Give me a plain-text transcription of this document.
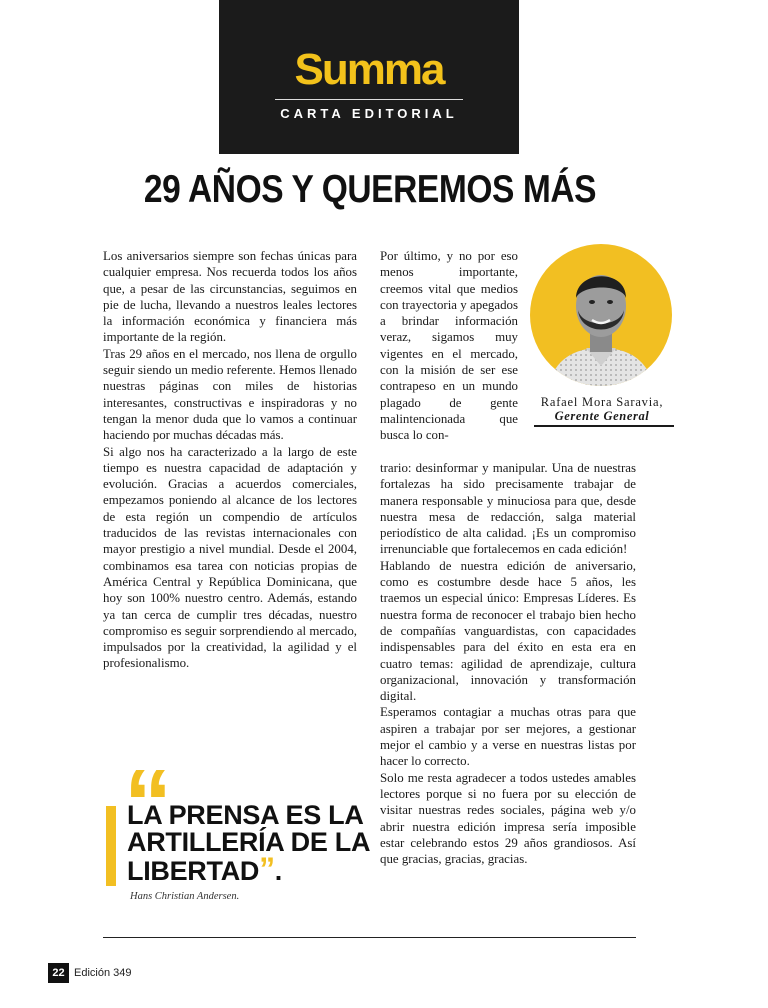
Summa
CARTA EDITORIAL
29 AÑOS Y QUEREMOS MÁS

Los aniversarios siempre son fechas únicas para cualquier empresa. Nos recuerda todos los años que, a pesar de las circunstancias, seguimos en pie de lucha, llevando a nuestros leales lectores la información económica y financiera más importante de la región.

Tras 29 años en el mercado, nos llena de orgullo seguir siendo un medio referente. Hemos llenado nuestras páginas con miles de historias interesantes, constructivas e inspiradoras y no tengan la menor duda que lo vamos a continuar haciendo por muchas décadas más.

Si algo nos ha caracterizado a la largo de este tiempo es nuestra capacidad de adaptación y evolución. Gracias a acuerdos comerciales, empezamos poniendo al alcance de los lectores de esta región un compendio de artículos traducidos de las revistas internacionales con mayor prestigio a nivel mundial. Desde el 2004, combinamos esa tarea con noticias propias de América Central y República Dominicana, que hoy son 100% nuestro centro. Además, estando ya tan cerca de cumplir tres décadas, nuestro compromiso es seguir sorprendiendo al mercado, impulsados por la creatividad, la agilidad y el profesionalismo.

Por último, y no por eso menos importante, creemos vital que medios con trayectoria y apegados a brindar información veraz, sigamos muy vigentes en el mercado, con la misión de ser ese contrapeso en un mundo plagado de gente malintencionada que busca lo con-

Rafael Mora Saravia,
Gerente General

trario: desinformar y manipular. Una de nuestras fortalezas ha sido precisamente trabajar de manera responsable y minuciosa para que, desde nuestra mesa de redacción, salga material periodístico de alta calidad. ¡Es un compromiso irrenunciable que fortalecemos en cada edición!

Hablando de nuestra edición de aniversario, como es costumbre desde hace 5 años, les traemos un especial único: Empresas Líderes. Es nuestra forma de reconocer el trabajo bien hecho de compañías vanguardistas, con capacidades indispensables para del éxito en esta era en cuatro temas: agilidad de aprendizaje, cultura organizacional, innovación y transformación digital.

Esperamos contagiar a muchas otras para que aspiren a trabajar por ser mejores, a gestionar mejor el cambio y a verse en nuestras listas por hacer lo correcto.

Solo me resta agradecer a todos ustedes amables lectores porque si no fuera por su elección de visitar nuestras redes sociales, página web y/o abrir nuestra edición impresa sería imposible estar celebrando estos 29 años grandiosos. Así que gracias, gracias, gracias.

“
LA PRENSA ES LA
ARTILLERÍA DE LA
LIBERTAD”.
Hans Christian Andersen.
22 Edición 349
